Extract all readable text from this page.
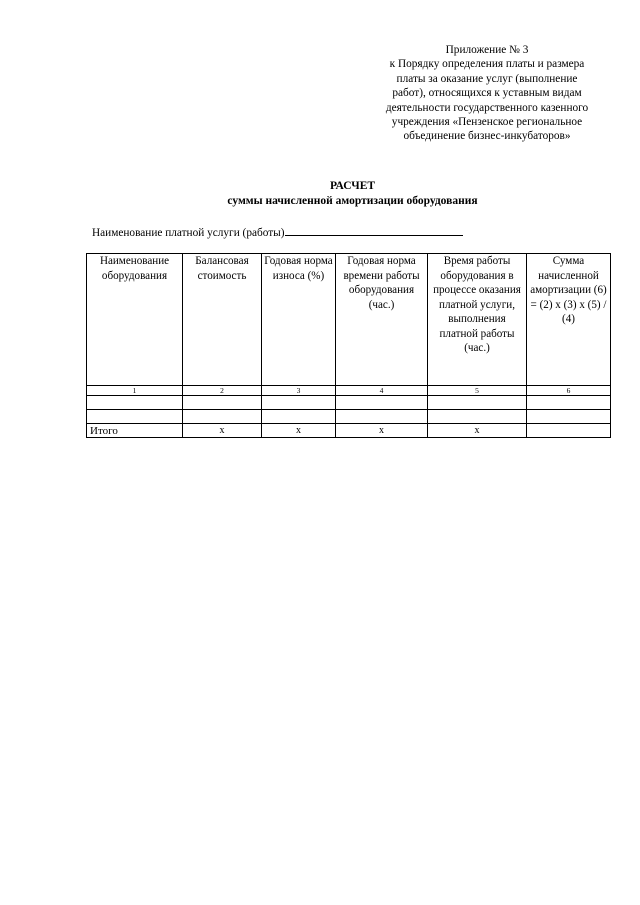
Приложение № 3
к Порядку определения платы и размера
платы за оказание услуг (выполнение
работ), относящихся к уставным видам
деятельности государственного казенного
учреждения «Пензенское региональное
объединение бизнес-инкубаторов»
РАСЧЕТ
суммы начисленной амортизации оборудования
Наименование платной услуги (работы)
Наименование оборудования	Балансовая стоимость	Годовая норма износа (%)	Годовая норма времени работы оборудования (час.)	Время работы оборудования в процессе оказания платной услуги, выполнения платной работы (час.)	Сумма начисленной амортизации (6) = (2) х (3) х (5) / (4)
1	2	3	4	5	6

Итого	х	х	х	х	
